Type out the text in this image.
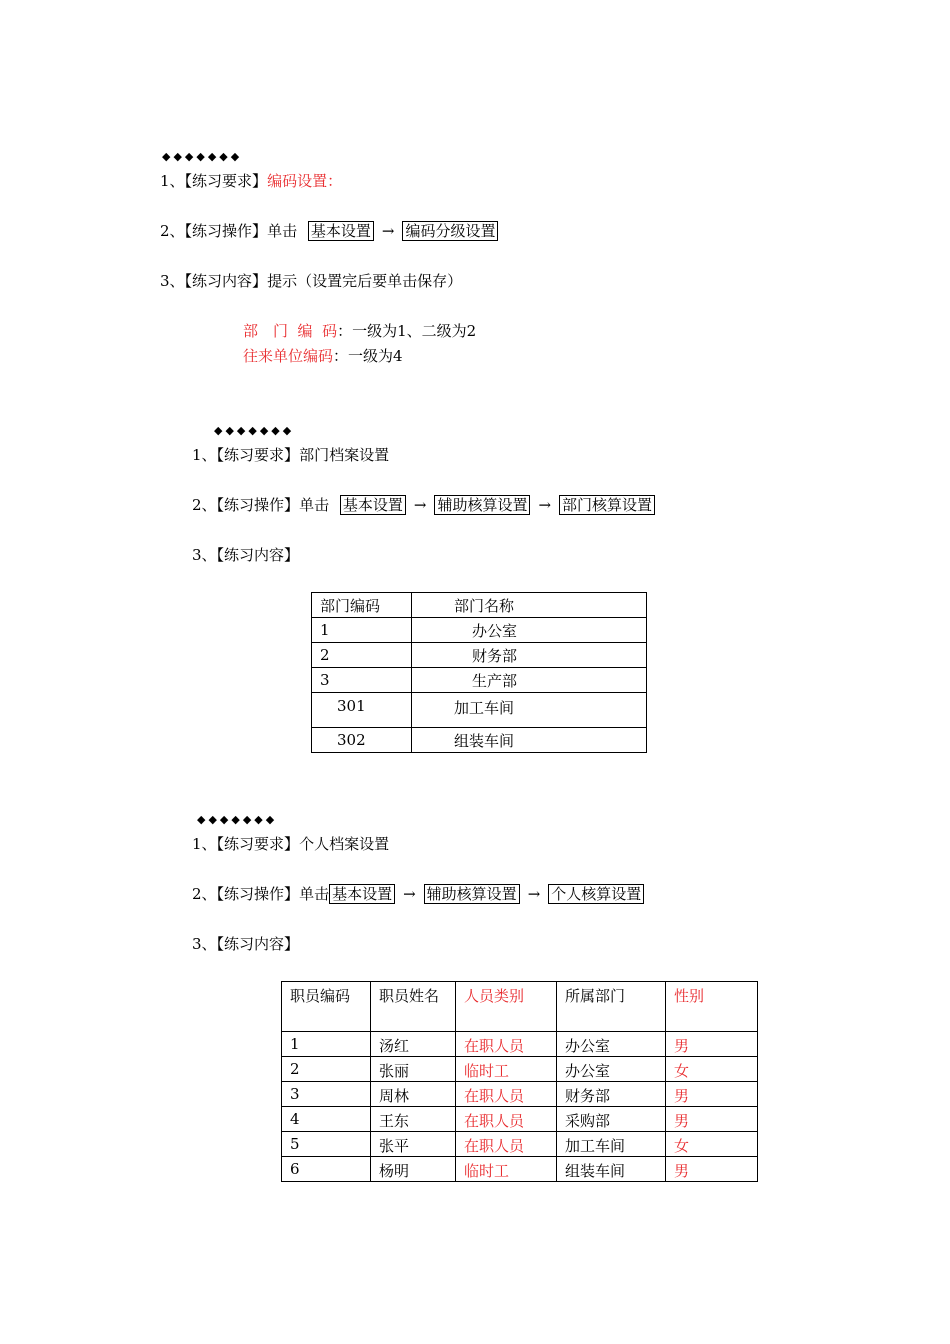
◆◆◆◆◆◆◆
1、【练习要求】编码设置：
2、【练习操作】单击 基本设置 → 编码分级设置
3、【练习内容】提示（设置完后要单击保存）
部　门  编  码：一级为1、二级为2
往来单位编码：一级为4
◆◆◆◆◆◆◆
1、【练习要求】部门档案设置
2、【练习操作】单击 基本设置 → 辅助核算设置 → 部门核算设置
3、【练习内容】
部门编码	部门名称
1	办公室
2	财务部
3	生产部
301	加工车间
302	组装车间
◆◆◆◆◆◆◆
1、【练习要求】个人档案设置
2、【练习操作】单击 基本设置 → 辅助核算设置 → 个人核算设置
3、【练习内容】
职员编码	职员姓名	人员类别	所属部门	性别
1	汤红	在职人员	办公室	男
2	张丽	临时工	办公室	女
3	周林	在职人员	财务部	男
4	王东	在职人员	采购部	男
5	张平	在职人员	加工车间	女
6	杨明	临时工	组装车间	男
